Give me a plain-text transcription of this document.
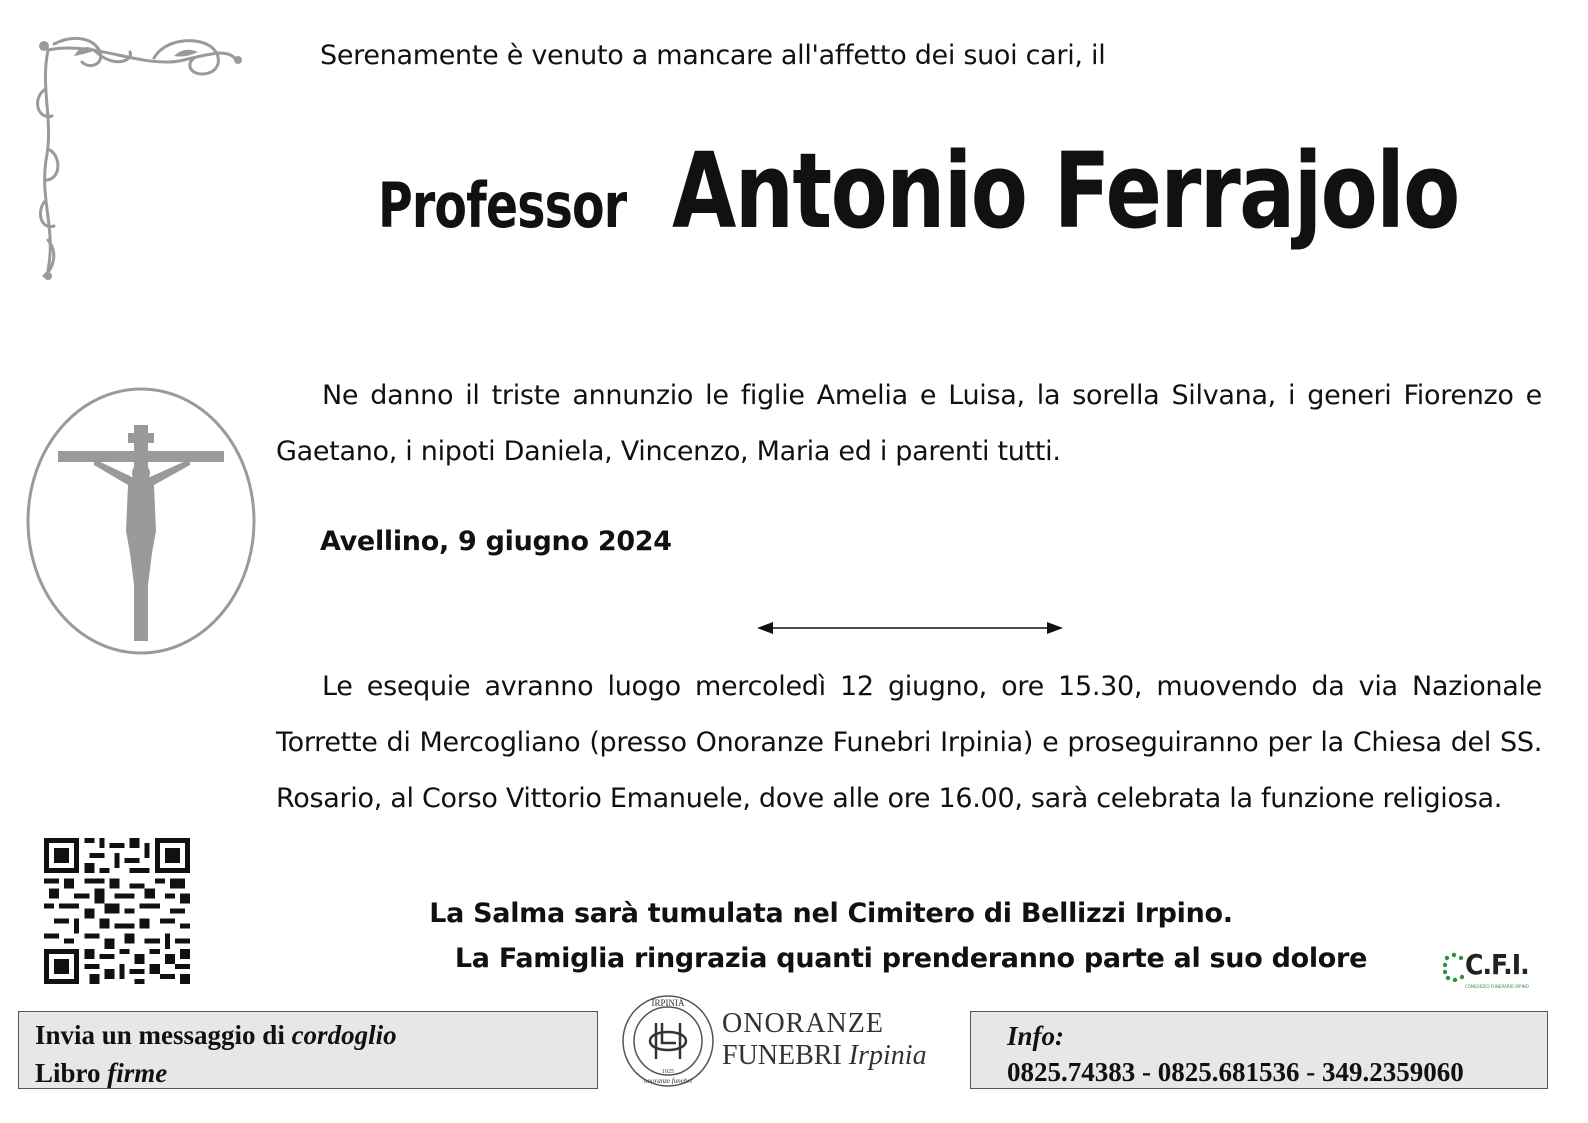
Serenamente è venuto a mancare all'affetto dei suoi cari, il
Professor Antonio Ferrajolo
Ne danno il triste annunzio le figlie Amelia e Luisa, la sorella Silvana, i generi Fiorenzo e Gaetano, i nipoti Daniela, Vincenzo, Maria ed i parenti tutti.
Avellino, 9 giugno 2024
Le esequie avranno luogo mercoledì 12 giugno, ore 15.30, muovendo da via Nazionale Torrette di Mercogliano (presso Onoranze Funebri Irpinia) e proseguiranno per la Chiesa del SS. Rosario, al Corso Vittorio Emanuele, dove alle ore 16.00, sarà celebrata la funzione religiosa.
La Salma sarà tumulata nel Cimitero di Bellizzi Irpino.
La Famiglia ringrazia quanti prenderanno parte al suo dolore	C.F.I.
CONSORZIO FUNERARIO IRPINO
Invia un messaggio di cordoglio
Libro firme
IRPINIA
onoranze funebri
1925
ONORANZE
FUNEBRI Irpinia
Info:
0825.74383 - 0825.681536 - 349.2359060
